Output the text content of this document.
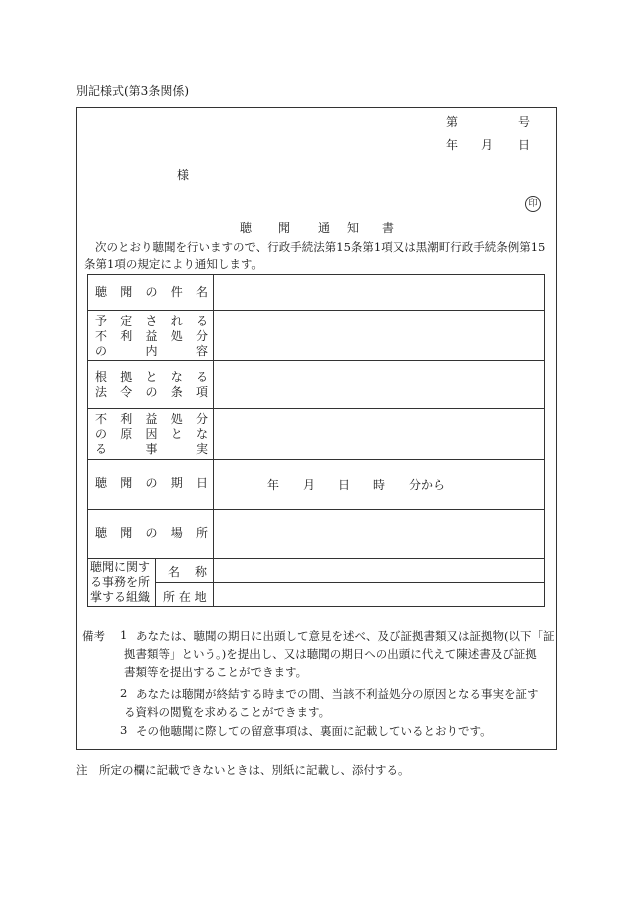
別記様式(第3条関係)
第	号
年 月 日
様
印
聴 聞 通 知 書
次のとおり聴聞を行いますので、行政手続法第15条第1項又は黒潮町行政手続条例第15
条第1項の規定により通知します。
聴 聞 の 件 名
予 定 さ れ る
不 利 益 処 分
の	内	容
根 拠 と な る
法 令 の 条 項
不 利 益 処 分
の 原 因 と な
る	事	実
聴 聞 の 期 日	年 月 日 時 分から
聴 聞 の 場 所
聴聞に関す
る事務を所
掌する組織
名 称
所 在 地
備考 1 あなたは、聴聞の期日に出頭して意見を述べ、及び証拠書類又は証拠物(以下「証
拠書類等」という。)を提出し、又は聴聞の期日への出頭に代えて陳述書及び証拠
書類等を提出することができます。
2 あなたは聴聞が終結する時までの間、当該不利益処分の原因となる事実を証す
る資料の閲覧を求めることができます。
3 その他聴聞に際しての留意事項は、裏面に記載しているとおりです。
注　所定の欄に記載できないときは、別紙に記載し、添付する。
